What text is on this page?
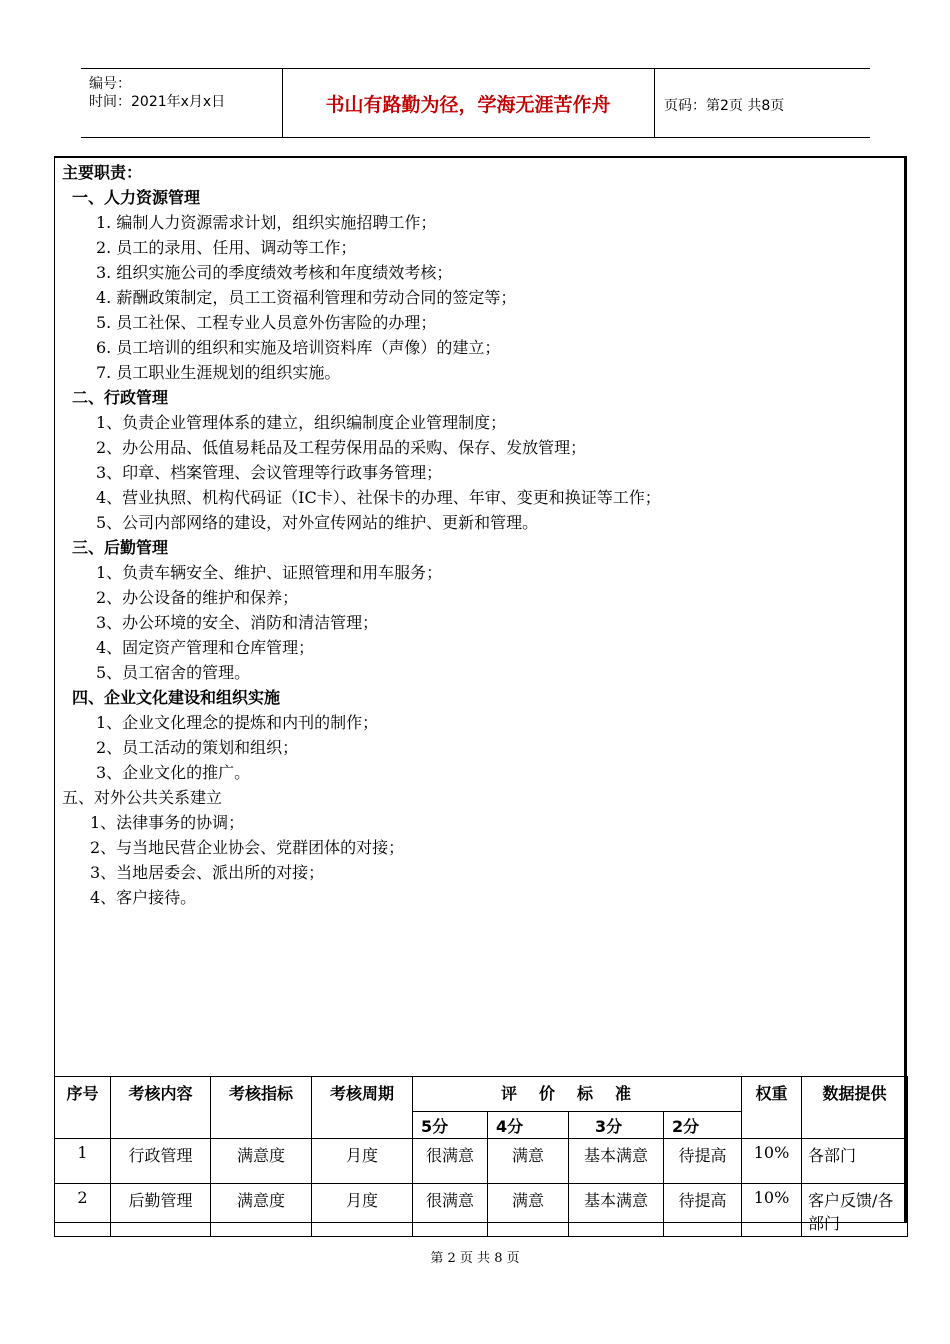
编号：
时间：2021年x月x日	书山有路勤为径，学海无涯苦作舟	页码：第2页 共8页
主要职责：
一、人力资源管理
1. 编制人力资源需求计划，组织实施招聘工作；
2. 员工的录用、任用、调动等工作；
3. 组织实施公司的季度绩效考核和年度绩效考核；
4. 薪酬政策制定，员工工资福利管理和劳动合同的签定等；
5. 员工社保、工程专业人员意外伤害险的办理；
6. 员工培训的组织和实施及培训资料库（声像）的建立；
7. 员工职业生涯规划的组织实施。
二、行政管理
1、负责企业管理体系的建立，组织编制度企业管理制度；
2、办公用品、低值易耗品及工程劳保用品的采购、保存、发放管理；
3、印章、档案管理、会议管理等行政事务管理；
4、营业执照、机构代码证（IC卡）、社保卡的办理、年审、变更和换证等工作；
5、公司内部网络的建设，对外宣传网站的维护、更新和管理。
三、后勤管理
1、负责车辆安全、维护、证照管理和用车服务；
2、办公设备的维护和保养；
3、办公环境的安全、消防和清洁管理；
4、固定资产管理和仓库管理；
5、员工宿舍的管理。
四、企业文化建设和组织实施
1、企业文化理念的提炼和内刊的制作；
2、员工活动的策划和组织；
3、企业文化的推广。
五、对外公共关系建立
1、法律事务的协调；
2、与当地民营企业协会、党群团体的对接；
3、当地居委会、派出所的对接；
4、客户接待。
序号	考核内容	考核指标	考核周期	评价标准				权重	数据提供
				5分	4分	3分	2分		
1	行政管理	满意度	月度	很满意	满意	基本满意	待提高	10%	各部门
2	后勤管理	满意度	月度	很满意	满意	基本满意	待提高	10%	客户反馈/各部门
第 2 页 共 8 页
